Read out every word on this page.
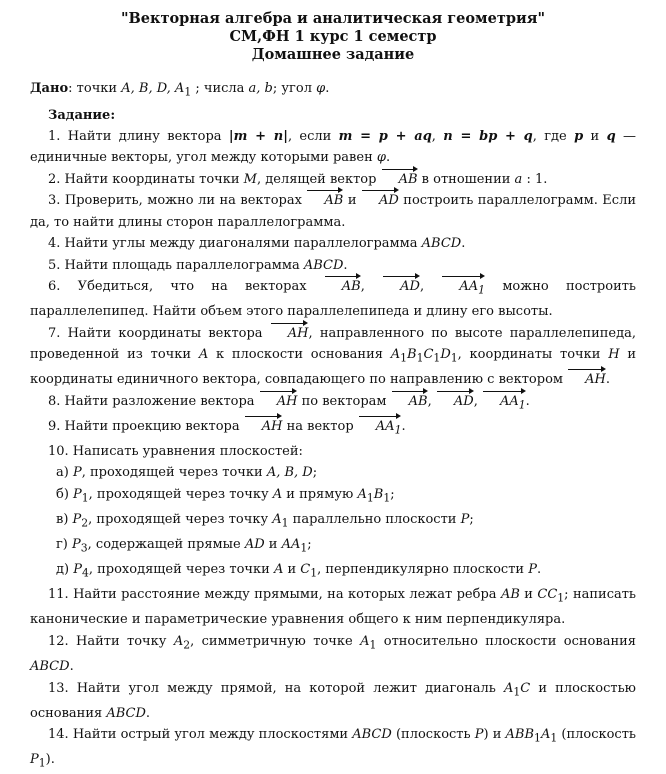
"Векторная алгебра и аналитическая геометрия"
СМ,ФН 1 курс 1 семестр
Домашнее задание
Дано: точки A, B, D, $A_1$ ; числа a, b; угол φ.
Задание:
1. Найти длину вектора |m + n|, если m = p + aq, n = bp + q, где p и q — единичные векторы, угол между которыми равен φ.
2. Найти координаты точки M, делящей вектор AB в отношении a : 1.
3. Проверить, можно ли на векторах AB и AD построить параллелограмм. Если да, то найти длины сторон параллелограмма.
4. Найти углы между диагоналями параллелограмма ABCD.
5. Найти площадь параллелограмма ABCD.
6. Убедиться, что на векторах AB, AD, $AA_1$ можно построить параллелепипед. Найти объем этого параллелепипеда и длину его высоты.
7. Найти координаты вектора AH, направленного по высоте параллелепипеда, проведенной из точки A к плоскости основания $A_1B_1C_1D_1$, координаты точки H и координаты единичного вектора, совпадающего по направлению с вектором AH.
8. Найти разложение вектора AH по векторам AB, AD, $AA_1$.
9. Найти проекцию вектора AH на вектор $AA_1$.
10. Написать уравнения плоскостей:
а) P, проходящей через точки A, B, D;
б) $P_1$, проходящей через точку A и прямую $A_1B_1$;
в) $P_2$, проходящей через точку $A_1$ параллельно плоскости P;
г) $P_3$, содержащей прямые AD и $AA_1$;
д) $P_4$, проходящей через точки A и $C_1$, перпендикулярно плоскости P.
11. Найти расстояние между прямыми, на которых лежат ребра AB и $CC_1$; написать канонические и параметрические уравнения общего к ним перпендикуляра.
12. Найти точку $A_2$, симметричную точке $A_1$ относительно плоскости основания ABCD.
13. Найти угол между прямой, на которой лежит диагональ $A_1C$ и плоскостью основания ABCD.
14. Найти острый угол между плоскостями ABCD (плоскость P) и $ABB_1A_1$ (плоскость $P_1$).
